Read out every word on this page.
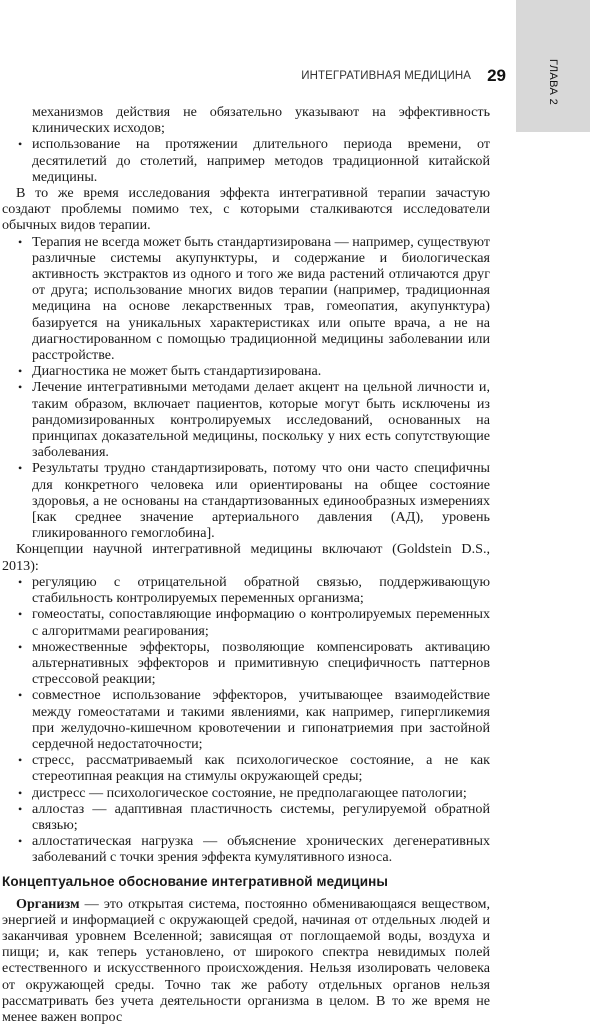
ГЛАВА 2
ИНТЕГРАТИВНАЯ МЕДИЦИНА 29

механизмов действия не обязательно указывают на эффективность клинических исходов;

• использование на протяжении длительного периода времени, от десятилетий до столетий, например методов традиционной китайской медицины.

В то же время исследования эффекта интегративной терапии зачастую создают проблемы помимо тех, с которыми сталкиваются исследователи обычных видов терапии.

• Терапия не всегда может быть стандартизирована — например, существуют различные системы акупунктуры, и содержание и биологическая активность экстрактов из одного и того же вида растений отличаются друг от друга; использование многих видов терапии (например, традиционная медицина на основе лекарственных трав, гомеопатия, акупунктура) базируется на уникальных характеристиках или опыте врача, а не на диагностированном с помощью традиционной медицины заболевании или расстройстве.
• Диагностика не может быть стандартизирована.
• Лечение интегративными методами делает акцент на цельной личности и, таким образом, включает пациентов, которые могут быть исключены из рандомизированных контролируемых исследований, основанных на принципах доказательной медицины, поскольку у них есть сопутствующие заболевания.
• Результаты трудно стандартизировать, потому что они часто специфичны для конкретного человека или ориентированы на общее состояние здоровья, а не основаны на стандартизованных единообразных измерениях [как среднее значение артериального давления (АД), уровень гликированного гемоглобина].

Концепции научной интегративной медицины включают (Goldstein D.S., 2013):

• регуляцию с отрицательной обратной связью, поддерживающую стабильность контролируемых переменных организма;
• гомеостаты, сопоставляющие информацию о контролируемых переменных с алгоритмами реагирования;
• множественные эффекторы, позволяющие компенсировать активацию альтернативных эффекторов и примитивную специфичность паттернов стрессовой реакции;
• совместное использование эффекторов, учитывающее взаимодействие между гомеостатами и такими явлениями, как например, гипергликемия при желудочно-кишечном кровотечении и гипонатриемия при застойной сердечной недостаточности;
• стресс, рассматриваемый как психологическое состояние, а не как стереотипная реакция на стимулы окружающей среды;
• дистресс — психологическое состояние, не предполагающее патологии;
• аллостаз — адаптивная пластичность системы, регулируемой обратной связью;
• аллостатическая нагрузка — объяснение хронических дегенеративных заболеваний с точки зрения эффекта кумулятивного износа.

Концептуальное обоснование интегративной медицины

Организм — это открытая система, постоянно обменивающаяся веществом, энергией и информацией с окружающей средой, начиная от отдельных людей и заканчивая уровнем Вселенной; зависящая от поглощаемой воды, воздуха и пищи; и, как теперь установлено, от широкого спектра невидимых полей естественного и искусственного происхождения. Нельзя изолировать человека от окружающей среды. Точно так же работу отдельных органов нельзя рассматривать без учета деятельности организма в целом. В то же время не менее важен вопрос
